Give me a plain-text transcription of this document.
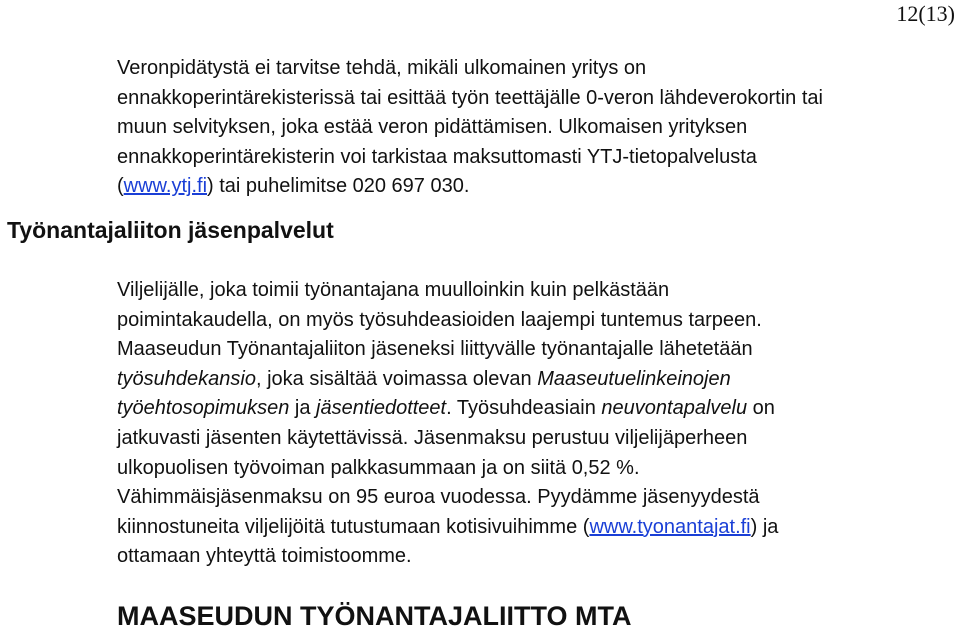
12(13)
Veronpidätystä ei tarvitse tehdä, mikäli ulkomainen yritys on
ennakkoperintärekisterissä tai esittää työn teettäjälle 0-veron lähdeverokortin tai
muun selvityksen, joka estää veron pidättämisen. Ulkomaisen yrityksen
ennakkoperintärekisterin voi tarkistaa maksuttomasti YTJ-tietopalvelusta
(www.ytj.fi) tai puhelimitse 020 697 030.
Työnantajaliiton jäsenpalvelut
Viljelijälle, joka toimii työnantajana muulloinkin kuin pelkästään
poimintakaudella, on myös työsuhdeasioiden laajempi tuntemus tarpeen.
Maaseudun Työnantajaliiton jäseneksi liittyvälle työnantajalle lähetetään
työsuhdekansio, joka sisältää voimassa olevan Maaseutuelinkeinojen
työehtosopimuksen ja jäsentiedotteet. Työsuhdeasiain neuvontapalvelu on
jatkuvasti jäsenten käytettävissä. Jäsenmaksu perustuu viljelijäperheen
ulkopuolisen työvoiman palkkasummaan ja on siitä 0,52 %.
Vähimmäisjäsenmaksu on 95 euroa vuodessa. Pyydämme jäsenyydestä
kiinnostuneita viljelijöitä tutustumaan kotisivuihimme (www.tyonantajat.fi) ja
ottamaan yhteyttä toimistoomme.
MAASEUDUN TYÖNANTAJALIITTO MTA
